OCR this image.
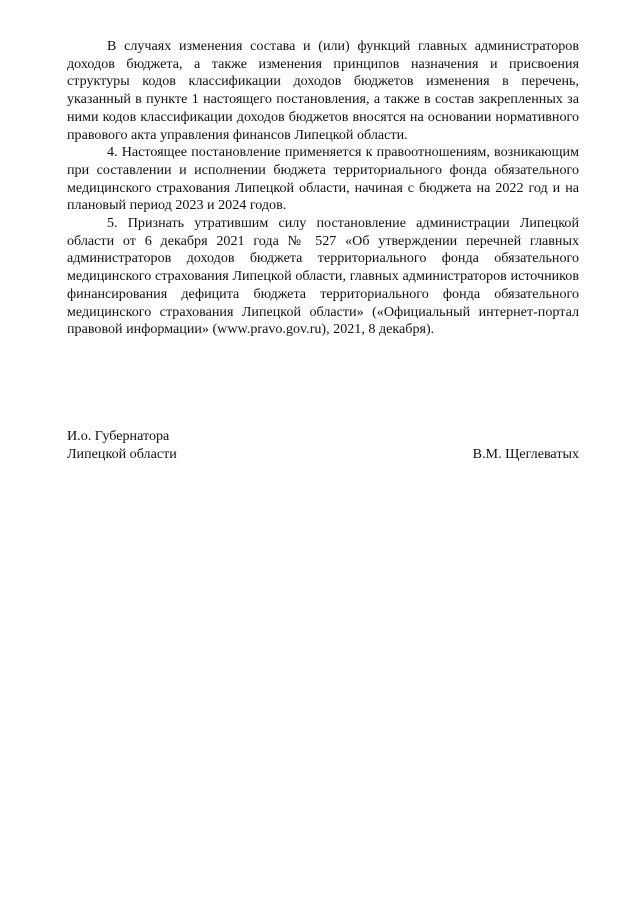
В случаях изменения состава и (или) функций главных администраторов доходов бюджета, а также изменения принципов назначения и присвоения структуры кодов классификации доходов бюджетов изменения в перечень, указанный в пункте 1 настоящего постановления, а также в состав закрепленных за ними кодов классификации доходов бюджетов вносятся на основании нормативного правового акта управления финансов Липецкой области.

4. Настоящее постановление применяется к правоотношениям, возникающим при составлении и исполнении бюджета территориального фонда обязательного медицинского страхования Липецкой области, начиная с бюджета на 2022 год и на плановый период 2023 и 2024 годов.

5. Признать утратившим силу постановление администрации Липецкой области от 6 декабря 2021 года № 527 «Об утверждении перечней главных администраторов доходов бюджета территориального фонда обязательного медицинского страхования Липецкой области, главных администраторов источников финансирования дефицита бюджета территориального фонда обязательного медицинского страхования Липецкой области» («Официальный интернет-портал правовой информации» (www.pravo.gov.ru), 2021, 8 декабря).

И.о. Губернатора
Липецкой области	В.М. Щеглеватых
